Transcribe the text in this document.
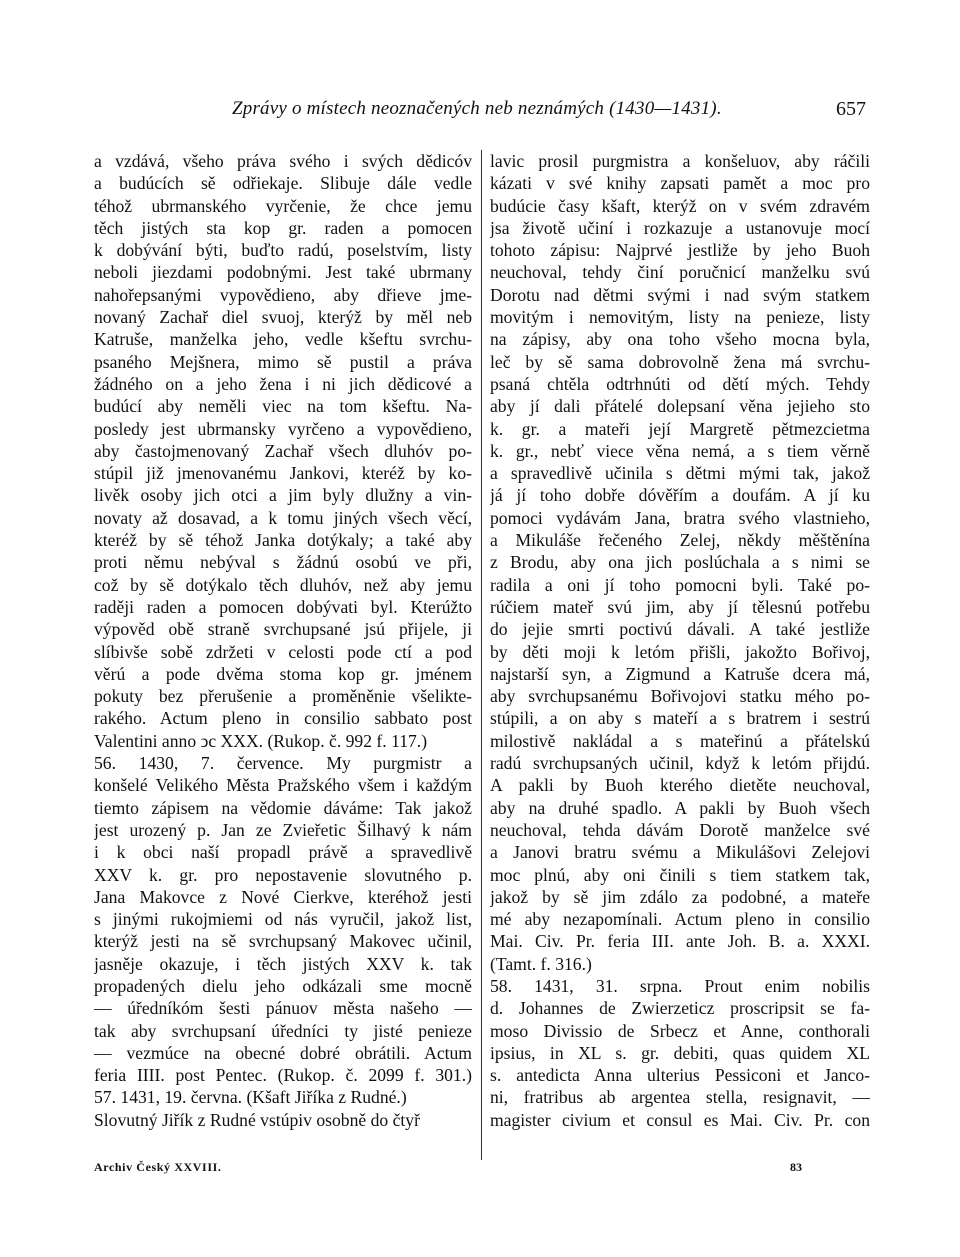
Zprávy o místech neoznačených neb neznámých (1430—1431).	657
a vzdává, všeho práva svého i svých dědicóv
a budúcích sě odřiekaje. Slibuje dále vedle
téhož ubrmanského vyrčenie, že chce jemu
těch jistých sta kop gr. raden a pomocen
k dobývání býti, buďto radú, poselstvím, listy
neboli jiezdami podobnými. Jest také ubrmany
nahořepsanými vypovědieno, aby dřieve jme-
novaný Zachař diel svuoj, kterýž by měl neb
Katruše, manželka jeho, vedle kšeftu svrchu-
psaného Mejšnera, mimo sě pustil a práva
žádného on a jeho žena i ni jich dědicové a
budúcí aby neměli viec na tom kšeftu. Na-
posledy jest ubrmansky vyrčeno a vypovědieno,
aby častojmenovaný Zachař všech dluhóv po-
stúpil již jmenovanému Jankovi, kteréž by ko-
livěk osoby jich otci a jim byly dlužny a vin-
novaty až dosavad, a k tomu jiných všech věcí,
kteréž by sě téhož Janka dotýkaly; a také aby
proti němu nebýval s žádnú osobú ve při,
což by sě dotýkalo těch dluhóv, než aby jemu
raději raden a pomocen dobývati byl. Kterúžto
výpověd obě straně svrchupsané jsú přijele, ji
slíbivše sobě zdržeti v celosti pode ctí a pod
věrú a pode dvěma stoma kop gr. jménem
pokuty bez přerušenie a proměněnie všelikte-
rakého. Actum pleno in consilio sabbato post
Valentini anno ↄc XXX. (Rukop. č. 992 f. 117.)
56. 1430, 7. července. My purgmistr a
konšelé Velikého Města Pražského všem i každým
tiemto zápisem na vědomie dáváme: Tak jakož
jest urozený p. Jan ze Zvieřetic Šilhavý k nám
i k obci naší propadl právě a spravedlivě
XXV k. gr. pro nepostavenie slovutného p.
Jana Makovce z Nové Cierkve, kteréhož jesti
s jinými rukojmiemi od nás vyručil, jakož list,
kterýž jesti na sě svrchupsaný Makovec učinil,
jasněje okazuje, i těch jistých XXV k. tak
propadených dielu jeho odkázali sme mocně
— úředníkóm šesti pánuov města našeho —
tak aby svrchupsaní úředníci ty jisté penieze
— vezmúce na obecné dobré obrátili. Actum
feria IIII. post Pentec. (Rukop. č. 2099 f. 301.)
57. 1431, 19. června. (Kšaft Jiříka z Rudné.)
Slovutný Jiřík z Rudné vstúpiv osobně do čtyř
lavic prosil purgmistra a konšeluov, aby ráčili
kázati v své knihy zapsati pamět a moc pro
budúcie časy kšaft, kterýž on v svém zdravém
jsa životě učiní i rozkazuje a ustanovuje mocí
tohoto zápisu: Najprvé jestliže by jeho Buoh
neuchoval, tehdy činí poručnicí manželku svú
Dorotu nad dětmi svými i nad svým statkem
movitým i nemovitým, listy na penieze, listy
na zápisy, aby ona toho všeho mocna byla,
leč by sě sama dobrovolně žena má svrchu-
psaná chtěla odtrhnúti od dětí mých. Tehdy
aby jí dali přátelé dolepsaní věna jejieho sto
k. gr. a mateři její Margretě pětmezcietma
k. gr., nebť viece věna nemá, a s tiem věrně
a spravedlivě učinila s dětmi mými tak, jakož
já jí toho dobře dóvěřím a doufám. A jí ku
pomoci vydávám Jana, bratra svého vlastnieho,
a Mikuláše řečeného Zelej, někdy měštěnína
z Brodu, aby ona jich poslúchala a s nimi se
radila a oni jí toho pomocni byli. Také po-
rúčiem mateř svú jim, aby jí tělesnú potřebu
do jejie smrti poctivú dávali. A také jestliže
by děti moji k letóm přišli, jakožto Bořivoj,
najstarší syn, a Zigmund a Katruše dcera má,
aby svrchupsanému Bořivojovi statku mého po-
stúpili, a on aby s mateří a s bratrem i sestrú
milostivě nakládal a s mateřinú a přátelskú
radú svrchupsaných učinil, když k letóm přijdú.
A pakli by Buoh kterého dietěte neuchoval,
aby na druhé spadlo. A pakli by Buoh všech
neuchoval, tehda dávám Dorotě manželce své
a Janovi bratru svému a Mikulášovi Zelejovi
moc plnú, aby oni činili s tiem statkem tak,
jakož by sě jim zdálo za podobné, a mateře
mé aby nezapomínali. Actum pleno in consilio
Mai. Civ. Pr. feria III. ante Joh. B. a. XXXI.
(Tamt. f. 316.)
58. 1431, 31. srpna. Prout enim nobilis
d. Johannes de Zwierzeticz proscripsit se fa-
moso Divissio de Srbecz et Anne, conthorali
ipsius, in XL s. gr. debiti, quas quidem XL
s. antedicta Anna ulterius Pessiconi et Janco-
ni, fratribus ab argentea stella, resignavit, —
magister civium et consul es Mai. Civ. Pr. con
Archiv Český XXVIII.	83
